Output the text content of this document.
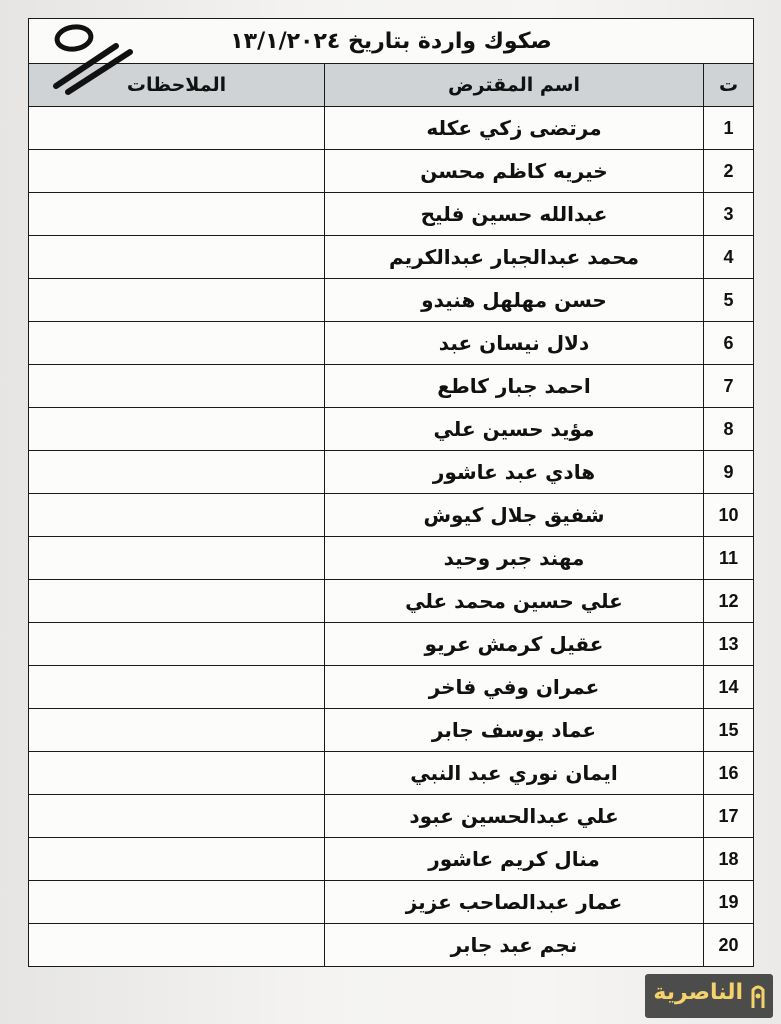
صكوك واردة بتاريخ ١٣/١/٢٠٢٤		
الملاحظات	اسم المقترض	ت
	مرتضى زكي عكله	1
	خيريه كاظم محسن	2
	عبدالله حسين فليح	3
	محمد عبدالجبار عبدالكريم	4
	حسن مهلهل هنيدو	5
	دلال نيسان عبد	6
	احمد جبار كاطع	7
	مؤيد حسين علي	8
	هادي عبد عاشور	9
	شفيق جلال كيوش	10
	مهند جبر وحيد	11
	علي حسين محمد علي	12
	عقيل كرمش عريو	13
	عمران وفي فاخر	14
	عماد يوسف جابر	15
	ايمان نوري عبد النبي	16
	علي عبدالحسين عبود	17
	منال كريم عاشور	18
	عمار عبدالصاحب عزيز	19
	نجم عبد جابر	20
الناصرية
